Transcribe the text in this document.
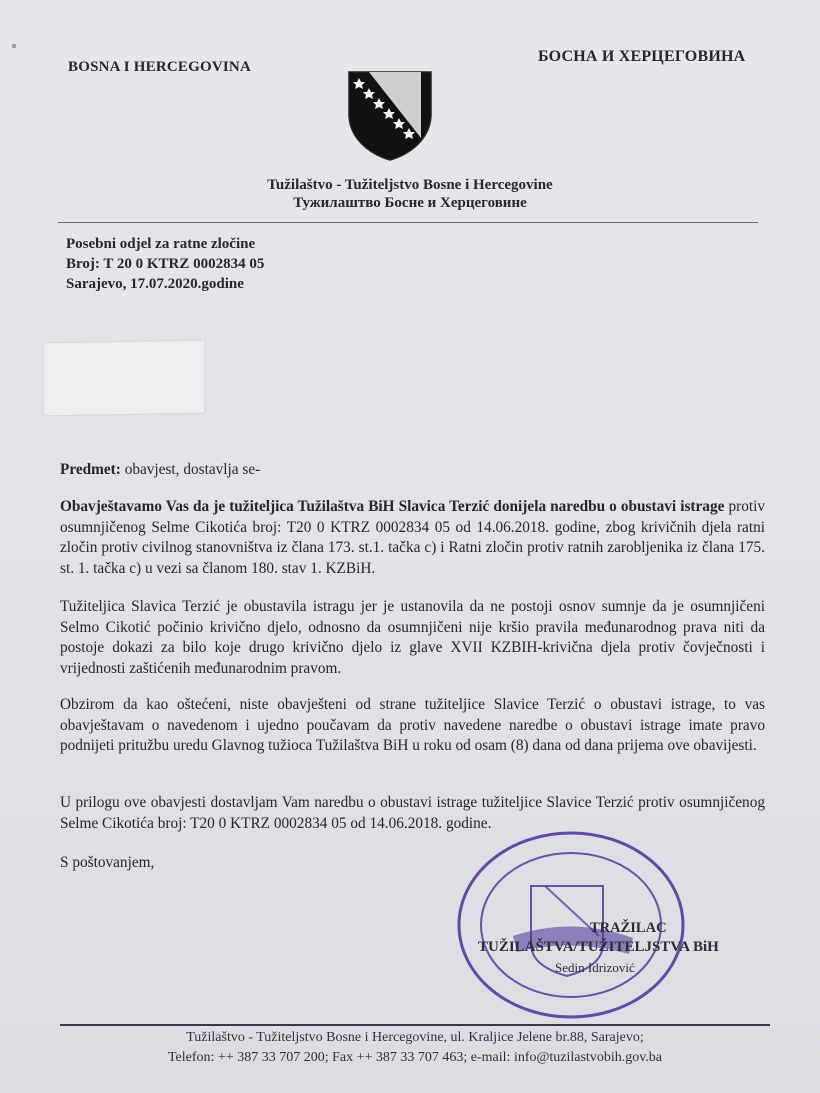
BOSNA I HERCEGOVINA
БОСНА И ХЕРЦЕГОВИНА
Tužilaštvo - Tužiteljstvo Bosne i Hercegovine
Тужилаштво Босне и Херцеговине
Posebni odjel za ratne zločine
Broj: T 20 0 KTRZ 0002834 05
Sarajevo, 17.07.2020.godine
Predmet: obavjest, dostavlja se-
Obavještavamo Vas da je tužiteljica Tužilaštva BiH Slavica Terzić donijela naredbu o obustavi istrage protiv osumnjičenog Selme Cikotića broj: T20 0 KTRZ 0002834 05 od 14.06.2018. godine, zbog krivičnih djela ratni zločin protiv civilnog stanovništva iz člana 173. st.1. tačka c) i Ratni zločin protiv ratnih zarobljenika iz člana 175. st. 1. tačka c) u vezi sa članom 180. stav 1. KZBiH.
Tužiteljica Slavica Terzić je obustavila istragu jer je ustanovila da ne postoji osnov sumnje da je osumnjičeni Selmo Cikotić počinio krivično djelo, odnosno da osumnjičeni nije kršio pravila međunarodnog prava niti da postoje dokazi za bilo koje drugo krivično djelo iz glave XVII KZBIH-krivična djela protiv čovječnosti i vrijednosti zaštićenih međunarodnim pravom.
Obzirom da kao oštećeni, niste obavješteni od strane tužiteljice Slavice Terzić o obustavi istrage, to vas obavještavam o navedenom i ujedno poučavam da protiv navedene naredbe o obustavi istrage imate pravo podnijeti pritužbu uredu Glavnog tužioca Tužilaštva BiH u roku od osam (8) dana od dana prijema ove obavijesti.
U prilogu ove obavjesti dostavljam Vam naredbu o obustavi istrage tužiteljice Slavice Terzić protiv osumnjičenog Selme Cikotića broj: T20 0 KTRZ 0002834 05 od 14.06.2018. godine.
S poštovanjem,
TRAŽILAC
TUŽILAŠTVA/TUŽITELJSTVA BiH
Sedin Idrizović
Tužilaštvo - Tužiteljstvo Bosne i Hercegovine, ul. Kraljice Jelene br.88, Sarajevo;
Telefon: ++ 387 33 707 200; Fax ++ 387 33 707 463; e-mail: info@tuzilastvobih.gov.ba
